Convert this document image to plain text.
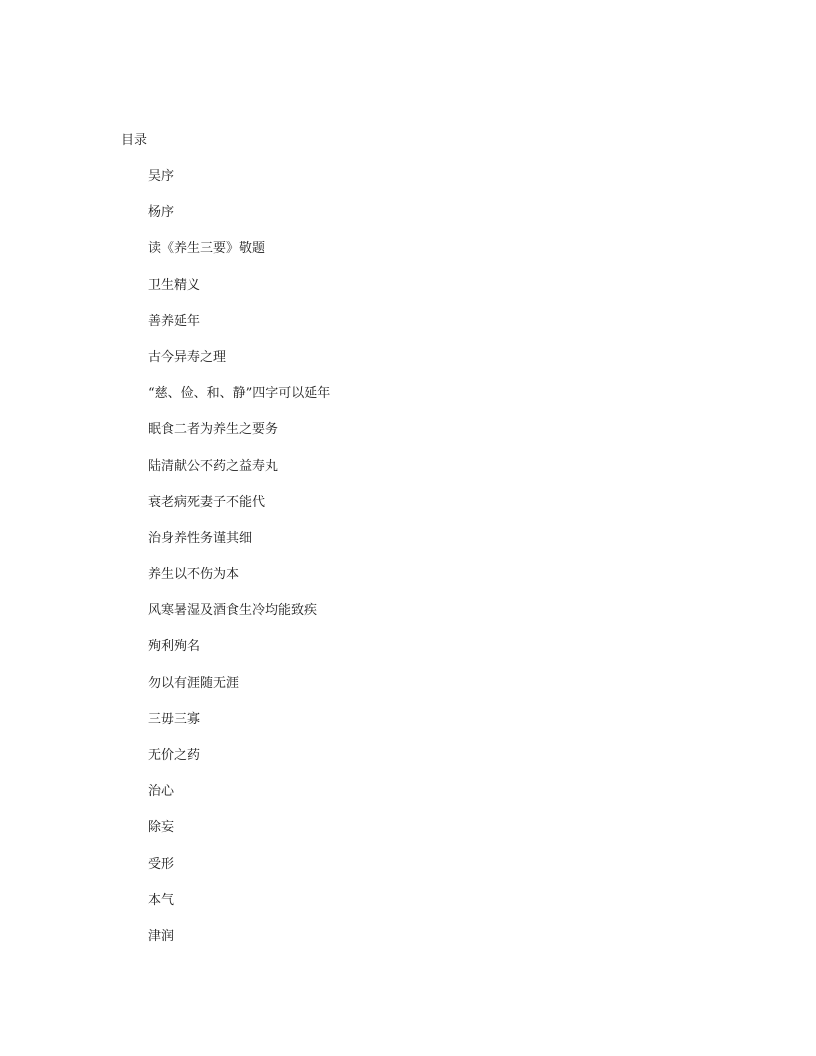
目录
吴序
杨序
读《养生三要》敬题
卫生精义
善养延年
古今异寿之理
“慈、俭、和、静”四字可以延年
眠食二者为养生之要务
陆清献公不药之益寿丸
衰老病死妻子不能代
治身养性务谨其细
养生以不伤为本
风寒暑湿及酒食生冷均能致疾
殉利殉名
勿以有涯随无涯
三毋三寡
无价之药
治心
除妄
受形
本气
津润
